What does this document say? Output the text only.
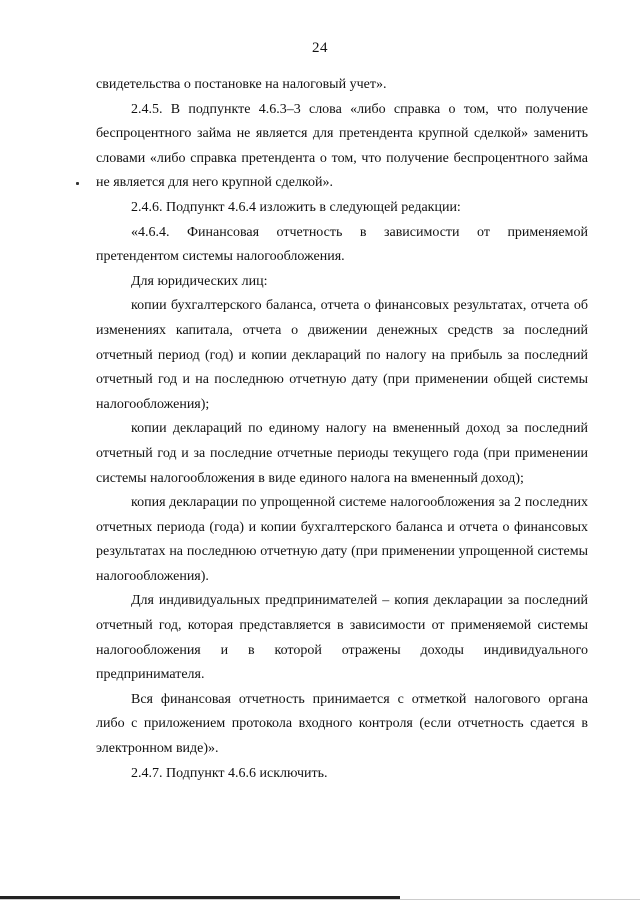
24

свидетельства о постановке на налоговый учет».

2.4.5. В подпункте 4.6.3–3 слова «либо справка о том, что получение беспроцентного займа не является для претендента крупной сделкой» заменить словами «либо справка претендента о том, что получение беспроцентного займа не является для него крупной сделкой».

2.4.6. Подпункт 4.6.4 изложить в следующей редакции:

«4.6.4. Финансовая отчетность в зависимости от применяемой претендентом системы налогообложения.

Для юридических лиц:

копии бухгалтерского баланса, отчета о финансовых результатах, отчета об изменениях капитала, отчета о движении денежных средств за последний отчетный период (год) и копии деклараций по налогу на прибыль за последний отчетный год и на последнюю отчетную дату (при применении общей системы налогообложения);

копии деклараций по единому налогу на вмененный доход за последний отчетный год и за последние отчетные периоды текущего года (при применении системы налогообложения в виде единого налога на вмененный доход);

копия декларации по упрощенной системе налогообложения за 2 последних отчетных периода (года) и копии бухгалтерского баланса и отчета о финансовых результатах на последнюю отчетную дату (при применении упрощенной системы налогообложения).

Для индивидуальных предпринимателей – копия декларации за последний отчетный год, которая представляется в зависимости от применяемой системы налогообложения и в которой отражены доходы индивидуального предпринимателя.

Вся финансовая отчетность принимается с отметкой налогового органа либо с приложением протокола входного контроля (если отчетность сдается в электронном виде)».

2.4.7. Подпункт 4.6.6 исключить.
